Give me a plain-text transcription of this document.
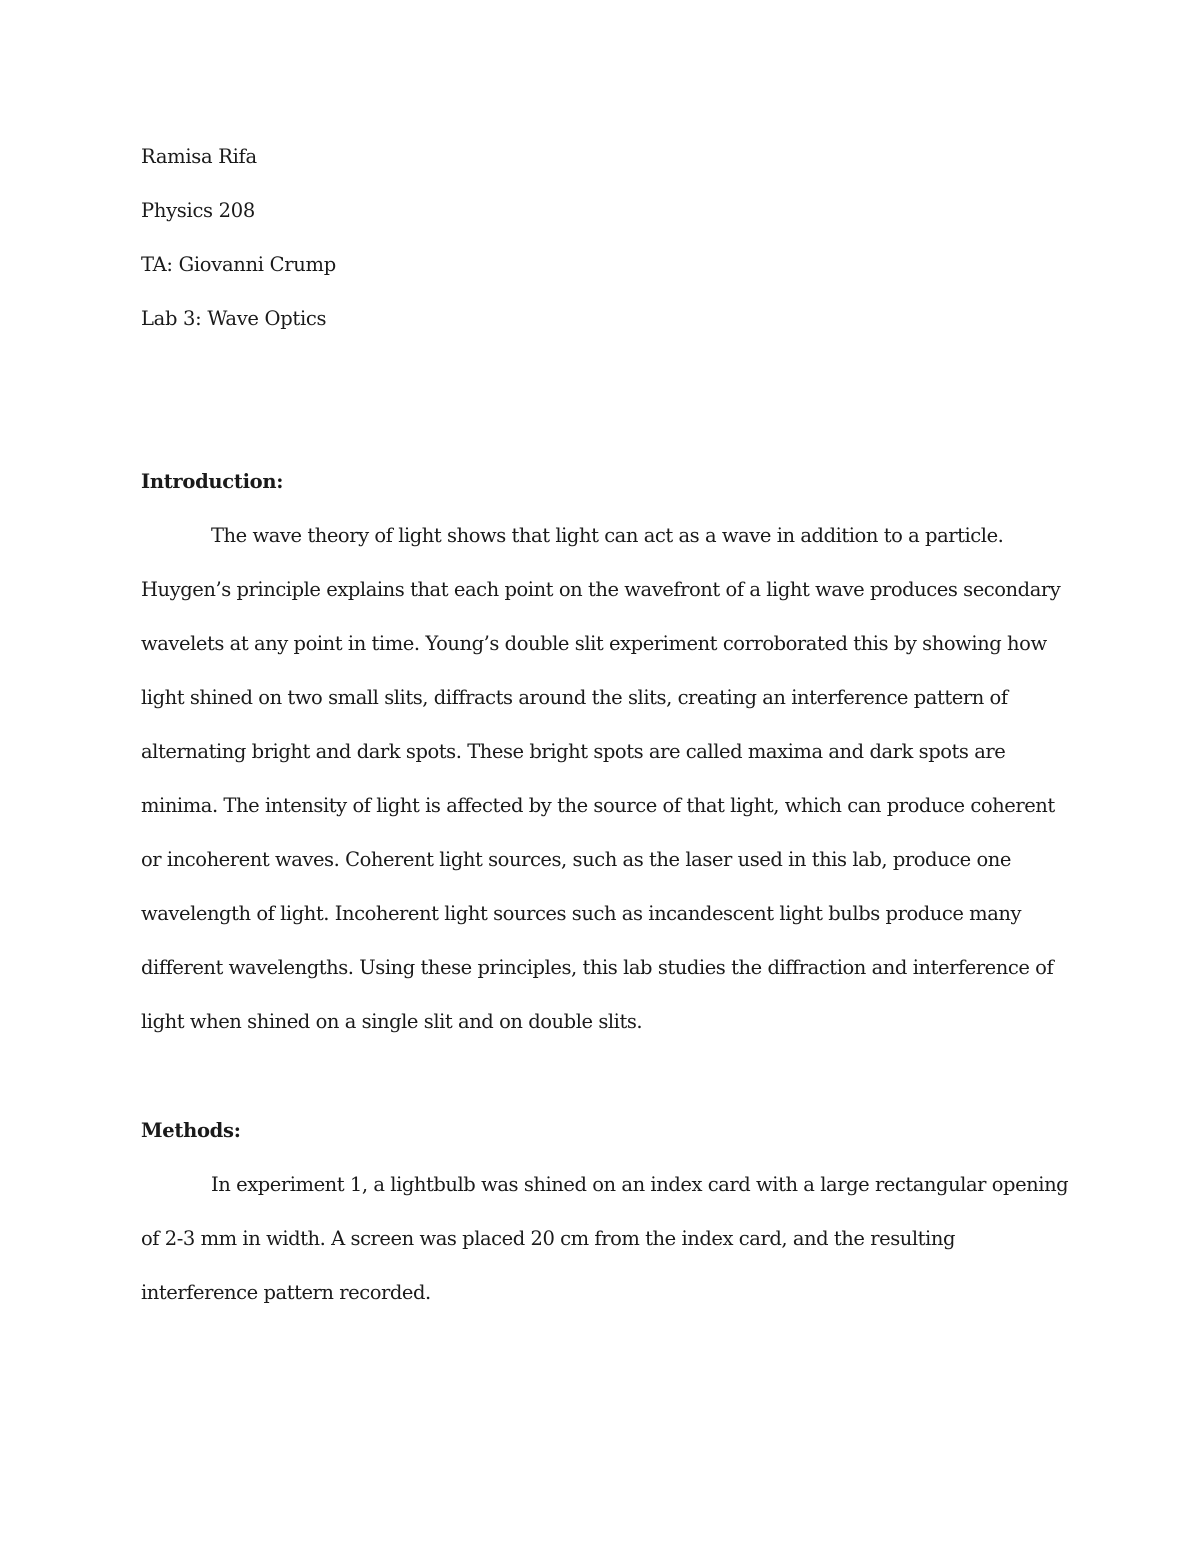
Ramisa Rifa
Physics 208
TA: Giovanni Crump
Lab 3: Wave Optics
Introduction:
The wave theory of light shows that light can act as a wave in addition to a particle.
Huygen’s principle explains that each point on the wavefront of a light wave produces secondary
wavelets at any point in time. Young’s double slit experiment corroborated this by showing how
light shined on two small slits, diffracts around the slits, creating an interference pattern of
alternating bright and dark spots. These bright spots are called maxima and dark spots are
minima. The intensity of light is affected by the source of that light, which can produce coherent
or incoherent waves. Coherent light sources, such as the laser used in this lab, produce one
wavelength of light. Incoherent light sources such as incandescent light bulbs produce many
different wavelengths. Using these principles, this lab studies the diffraction and interference of
light when shined on a single slit and on double slits.
Methods:
In experiment 1, a lightbulb was shined on an index card with a large rectangular opening
of 2-3 mm in width. A screen was placed 20 cm from the index card, and the resulting
interference pattern recorded.
